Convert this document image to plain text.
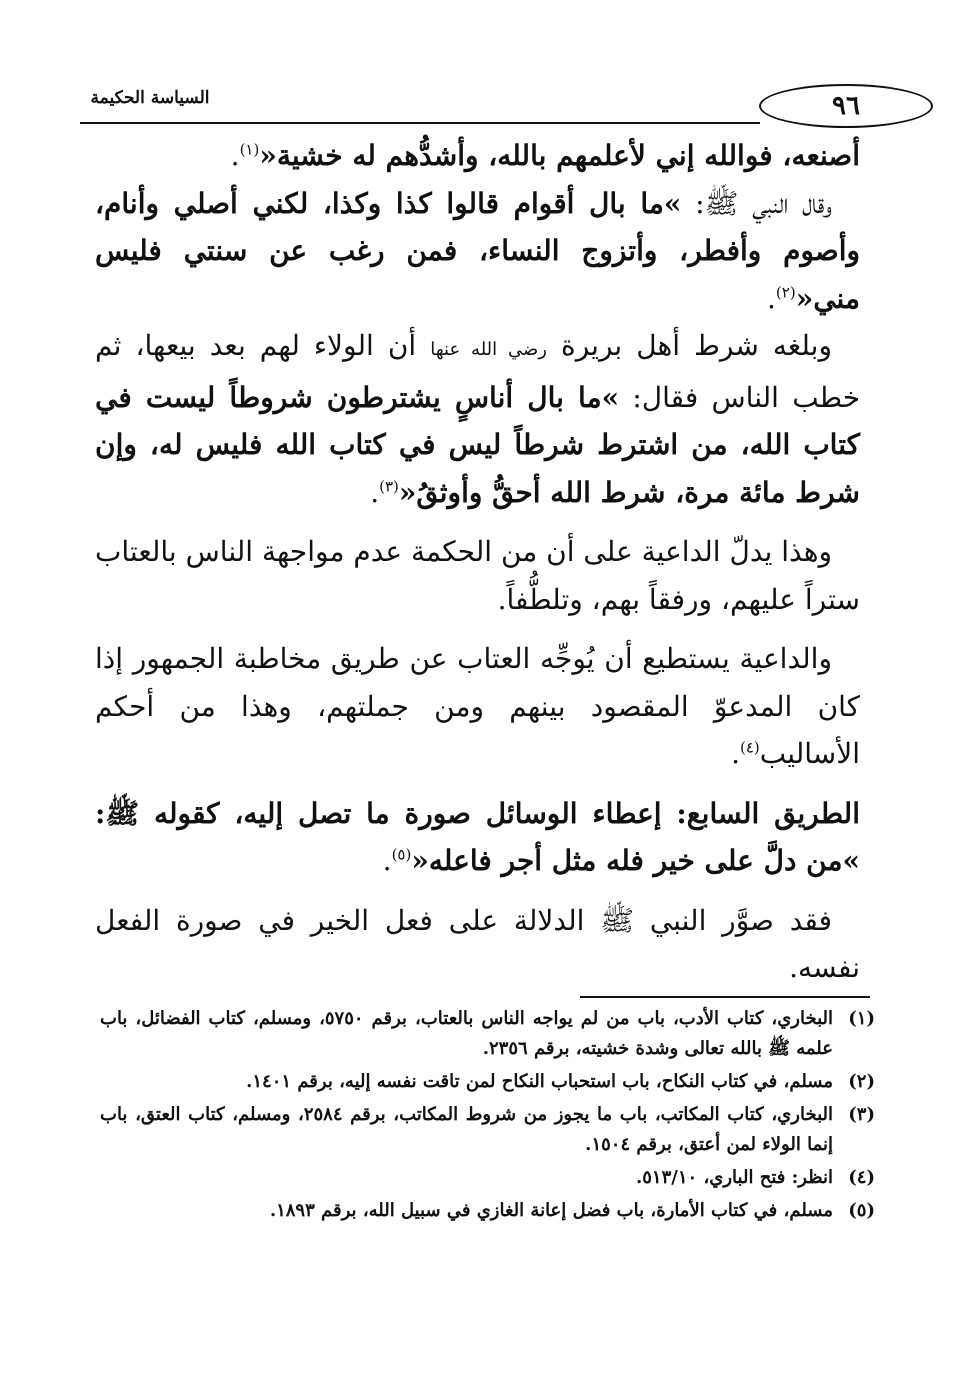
٩٦
السياسة الحكيمة

أصنعه، فوالله إني لأعلمهم بالله، وأشدُّهم له خشية«$^{(١)}$.

وقال النبي ﷺ: »ما بال أقوام قالوا كذا وكذا، لكني أصلي وأنام، وأصوم وأفطر، وأتزوج النساء، فمن رغب عن سنتي فليس مني«$^{(٢)}$.

وبلغه شرط أهل بريرة رضي الله عنها أن الولاء لهم بعد بيعها، ثم خطب الناس فقال: »ما بال أناسٍ يشترطون شروطاً ليست في كتاب الله، من اشترط شرطاً ليس في كتاب الله فليس له، وإن شرط مائة مرة، شرط الله أحقُّ وأوثقُ«$^{(٣)}$.

وهذا يدلّ الداعية على أن من الحكمة عدم مواجهة الناس بالعتاب ستراً عليهم، ورفقاً بهم، وتلطُّفاً.

والداعية يستطيع أن يُوجِّه العتاب عن طريق مخاطبة الجمهور إذا كان المدعوّ المقصود بينهم ومن جملتهم، وهذا من أحكم الأساليب$^{(٤)}$.

الطريق السابع: إعطاء الوسائل صورة ما تصل إليه، كقوله ﷺ: »من دلَّ على خير فله مثل أجر فاعله«$^{(٥)}$.

فقد صوَّر النبي ﷺ الدلالة على فعل الخير في صورة الفعل نفسه.

(١)
البخاري، كتاب الأدب، باب من لم يواجه الناس بالعتاب، برقم ٥٧٥٠، ومسلم، كتاب الفضائل، باب علمه ﷺ بالله تعالى وشدة خشيته، برقم ٢٣٥٦.
(٢)
مسلم، في كتاب النكاح، باب استحباب النكاح لمن تاقت نفسه إليه، برقم ١٤٠١.
(٣)
البخاري، كتاب المكاتب، باب ما يجوز من شروط المكاتب، برقم ٢٥٨٤، ومسلم، كتاب العتق، باب إنما الولاء لمن أعتق، برقم ١٥٠٤.
(٤)
انظر: فتح الباري، ٥١٣/١٠.
(٥)
مسلم، في كتاب الأمارة، باب فضل إعانة الغازي في سبيل الله، برقم ١٨٩٣.
